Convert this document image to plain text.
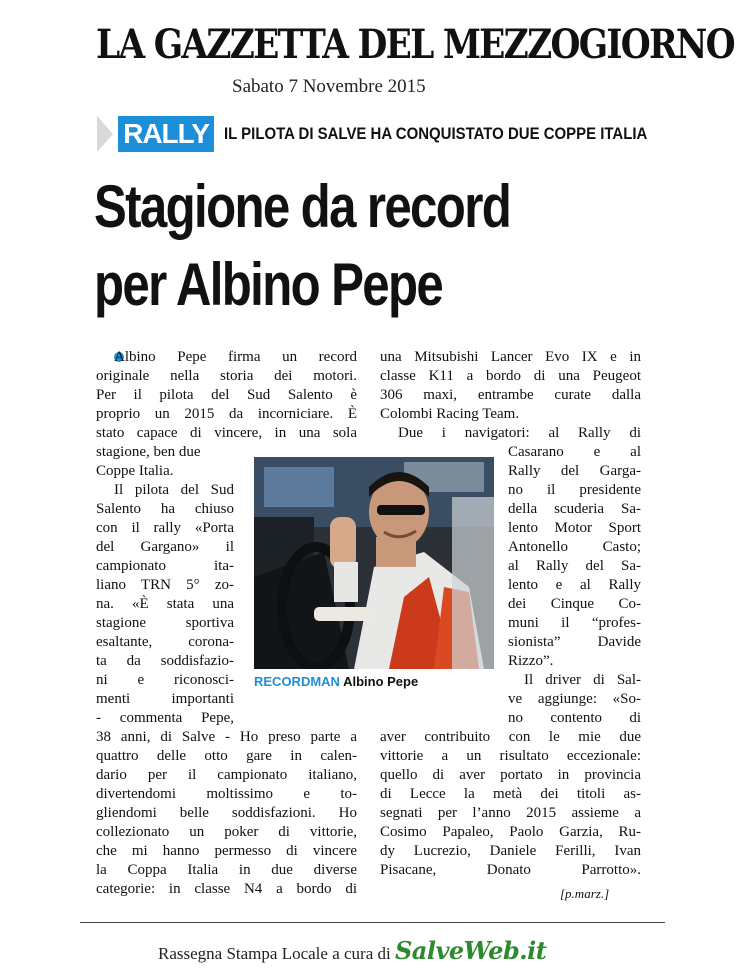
LA GAZZETTA DEL MEZZOGIORNO
Sabato 7 Novembre 2015
RALLY IL PILOTA DI SALVE HA CONQUISTATO DUE COPPE ITALIA
Stagione da record
per Albino Pepe
Albino Pepe firma un record
originale nella storia dei motori.
Per il pilota del Sud Salento è
proprio un 2015 da incorniciare. È
stato capace di vincere, in una sola
stagione, ben due
Coppe Italia.
Il pilota del Sud
Salento ha chiuso
con il rally «Porta
del Gargano» il
campionato ita-
liano TRN 5° zo-
na. «È stata una
stagione sportiva
esaltante, corona-
ta da soddisfazio-
ni e riconosci-
menti importanti
- commenta Pepe,
38 anni, di Salve - Ho preso parte a
quattro delle otto gare in calen-
dario per il campionato italiano,
divertendomi moltissimo e to-
gliendomi belle soddisfazioni. Ho
collezionato un poker di vittorie,
che mi hanno permesso di vincere
la Coppa Italia in due diverse
categorie: in classe N4 a bordo di
una Mitsubishi Lancer Evo IX e in
classe K11 a bordo di una Peugeot
306 maxi, entrambe curate dalla
Colombi Racing Team.
Due i navigatori: al Rally di
Casarano e al
Rally del Garga-
no il presidente
della scuderia Sa-
lento Motor Sport
Antonello Casto;
al Rally del Sa-
lento e al Rally
dei Cinque Co-
muni il “profes-
sionista” Davide
Rizzo”.
Il driver di Sal-
ve aggiunge: «So-
no contento di
aver contribuito con le mie due
vittorie a un risultato eccezionale:
quello di aver portato in provincia
di Lecce la metà dei titoli as-
segnati per l’anno 2015 assieme a
Cosimo Papaleo, Paolo Garzia, Ru-
dy Lucrezio, Daniele Ferilli, Ivan
Pisacane, Donato Parrotto».
[p.marz.]
RECORDMAN Albino Pepe
Rassegna Stampa Locale a cura di SalveWeb.it
